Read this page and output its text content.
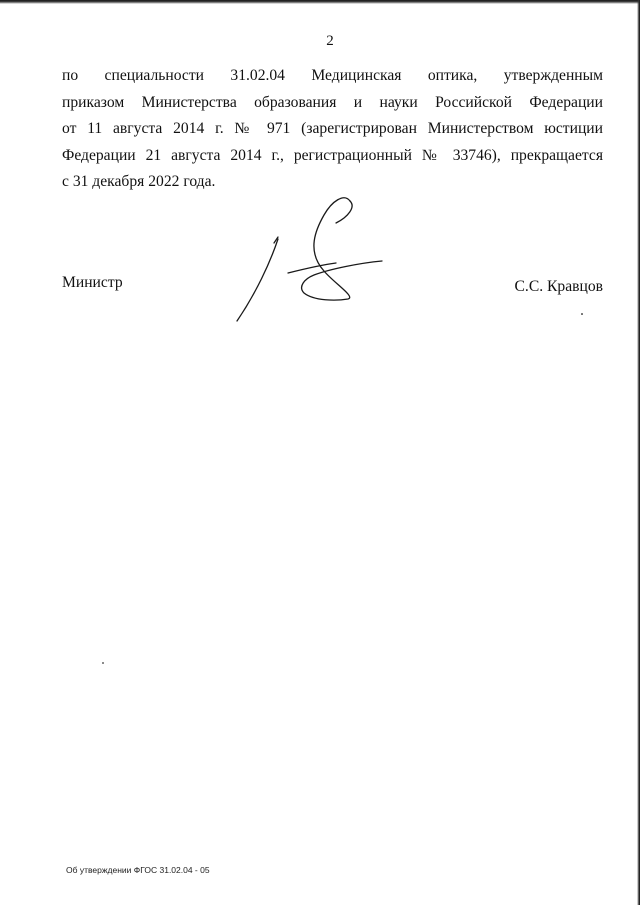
2

по специальности 31.02.04 Медицинская оптика, утвержденным
приказом Министерства образования и науки Российской Федерации
от 11 августа 2014 г. № 971 (зарегистрирован Министерством юстиции
Федерации 21 августа 2014 г., регистрационный № 33746), прекращается
с 31 декабря 2022 года.

Министр	С.С. Кравцов
Об утверждении ФГОС 31.02.04 - 05
